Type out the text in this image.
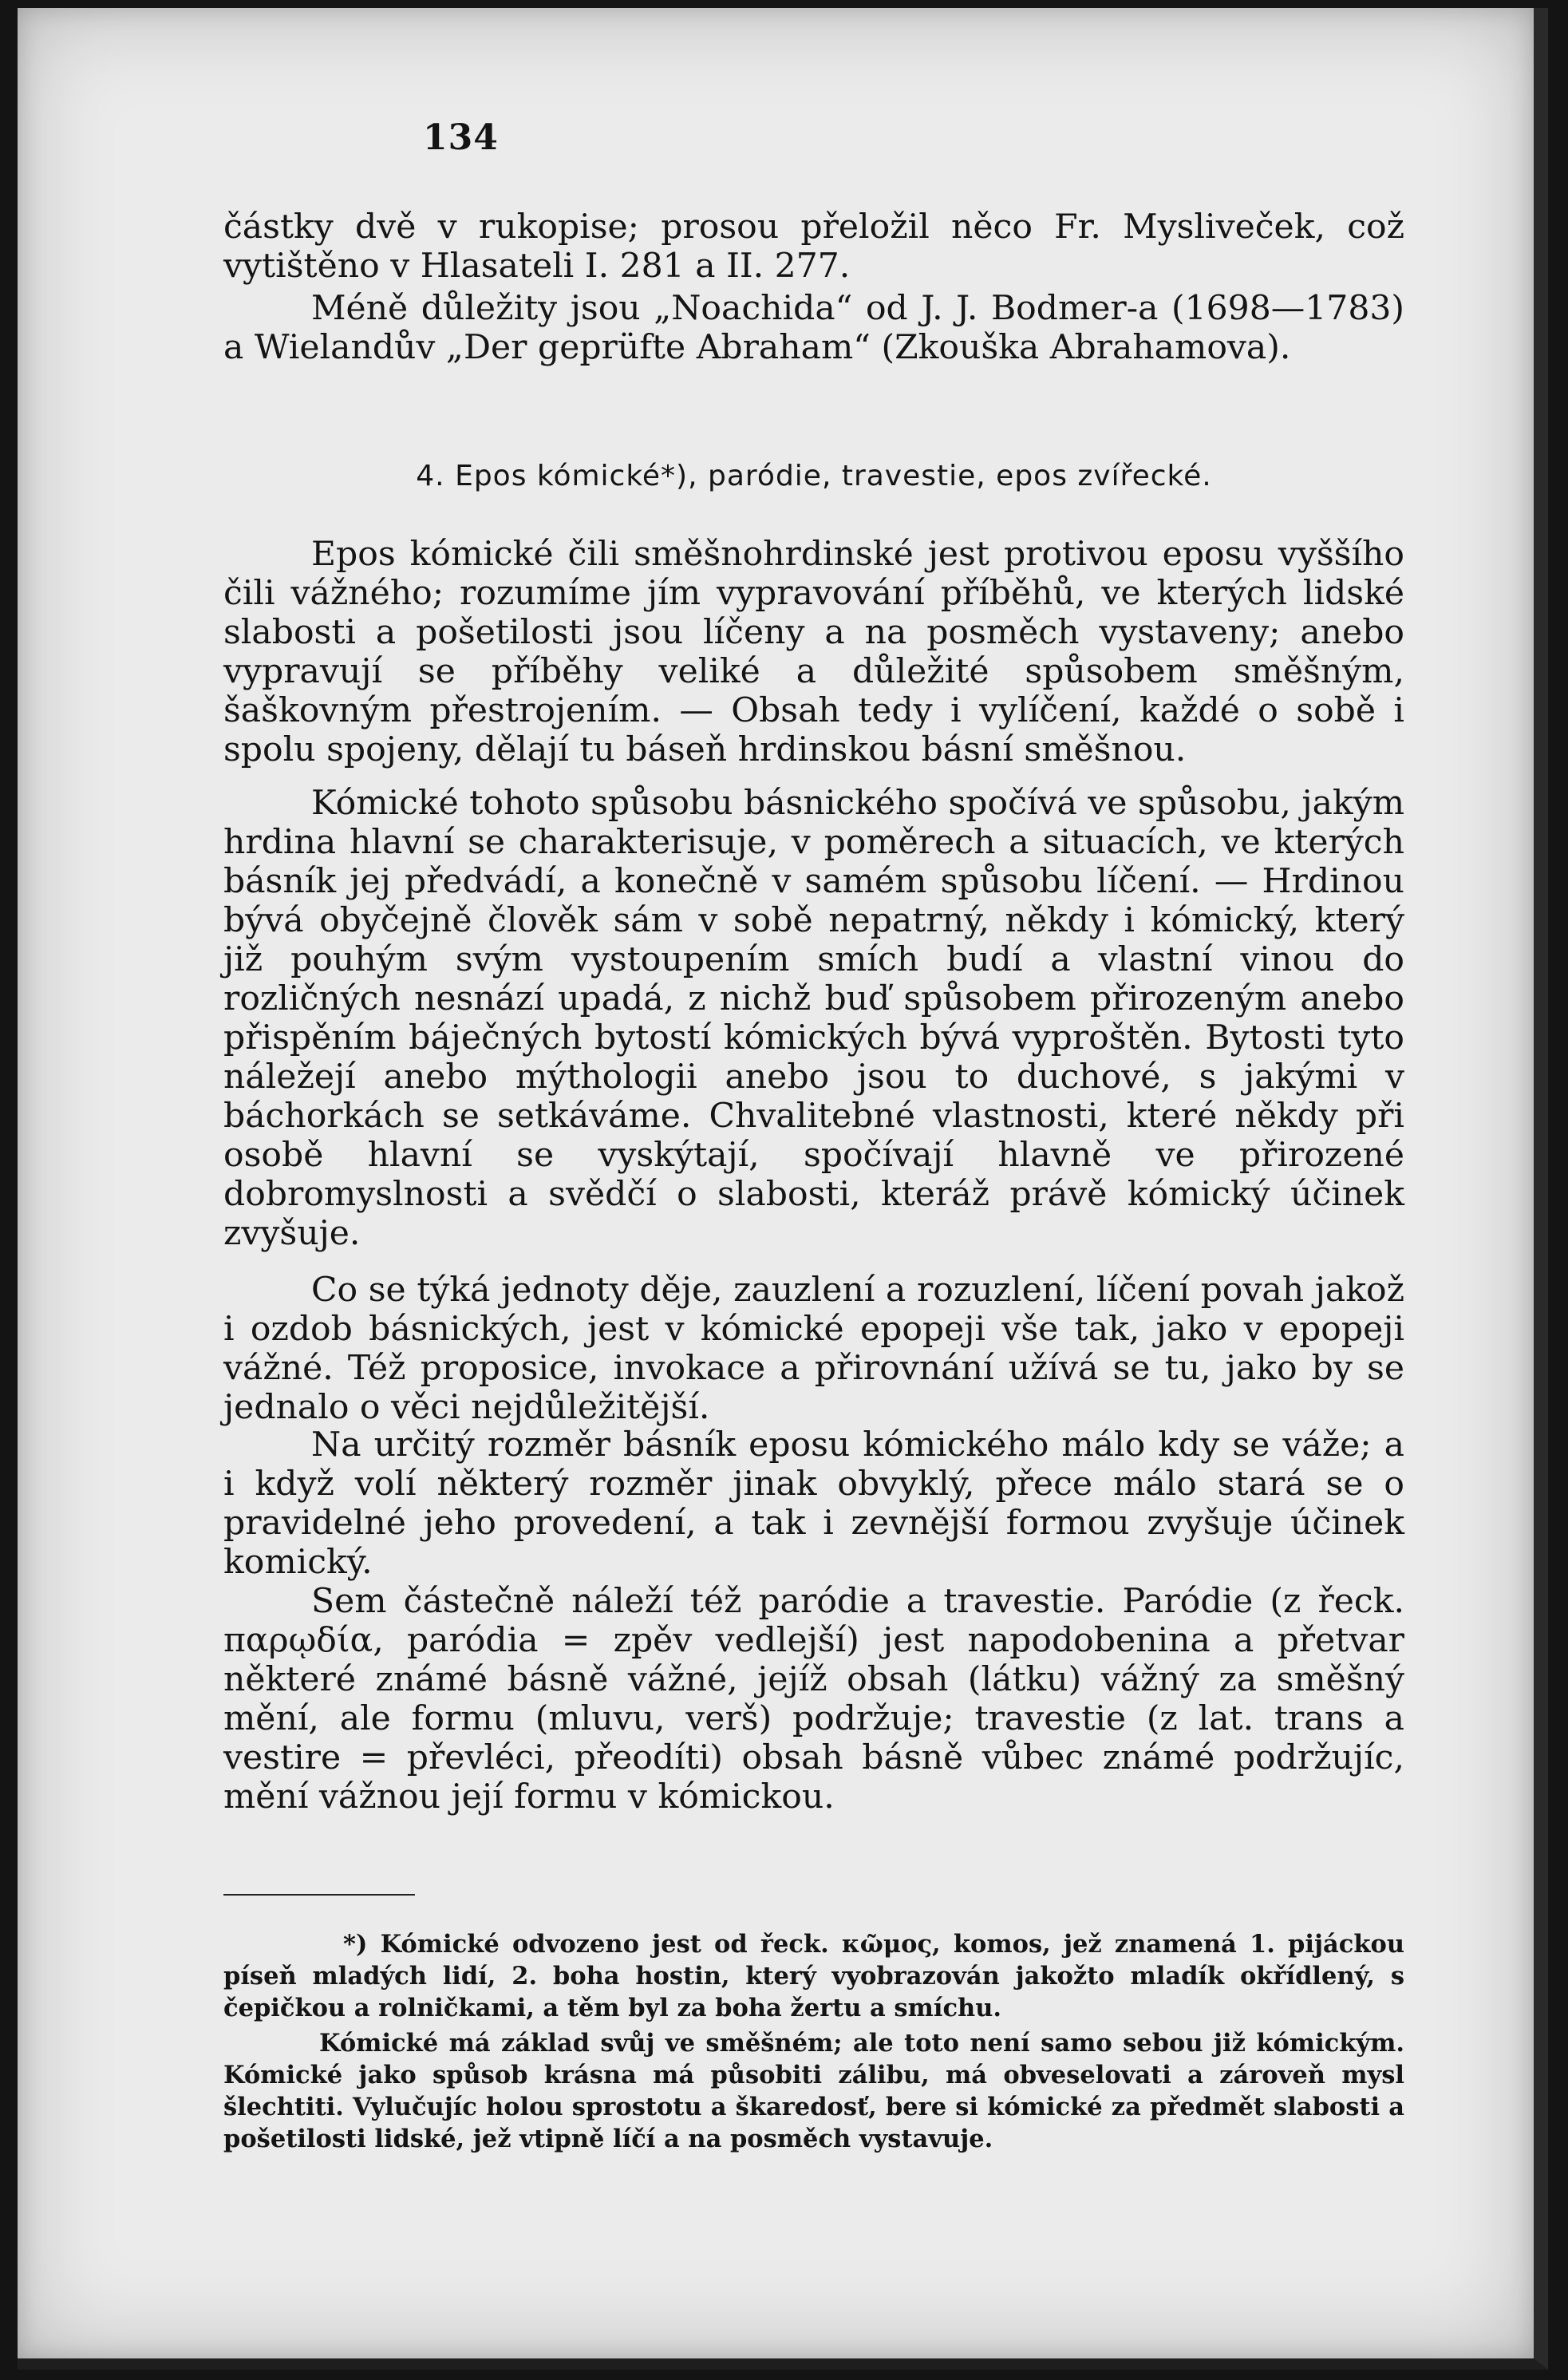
134

částky dvě v rukopise; prosou přeložil něco Fr. Mysliveček, což vytištěno v Hlasateli I. 281 a II. 277.

Méně důležity jsou „Noachida“ od J. J. Bodmer-a (1698—1783) a Wielandův „Der geprüfte Abraham“ (Zkouška Abrahamova).

4. Epos kómické*), paródie, travestie, epos zvířecké.

Epos kómické čili směšnohrdinské jest protivou eposu vyššího čili vážného; rozumíme jím vypravování příběhů, ve kterých lidské slabosti a pošetilosti jsou líčeny a na posměch vystaveny; anebo vypravují se příběhy veliké a důležité spůsobem směšným, šaškovným přestrojením. — Obsah tedy i vylíčení, každé o sobě i spolu spojeny, dělají tu báseň hrdinskou básní směšnou.

Kómické tohoto spůsobu básnického spočívá ve spůsobu, jakým hrdina hlavní se charakterisuje, v poměrech a situacích, ve kterých básník jej předvádí, a konečně v samém spůsobu líčení. — Hrdinou bývá obyčejně člověk sám v sobě nepatrný, někdy i kómický, který již pouhým svým vystoupením smích budí a vlastní vinou do rozličných nesnází upadá, z nichž buď spůsobem přirozeným anebo přispěním báječných bytostí kómických bývá vyproštěn. Bytosti tyto náležejí anebo mýthologii anebo jsou to duchové, s jakými v báchorkách se setkáváme. Chvalitebné vlastnosti, které někdy při osobě hlavní se vyskýtají, spočívají hlavně ve přirozené dobromyslnosti a svědčí o slabosti, kteráž právě kómický účinek zvyšuje.

Co se týká jednoty děje, zauzlení a rozuzlení, líčení povah jakož i ozdob básnických, jest v kómické epopeji vše tak, jako v epopeji vážné. Též proposice, invokace a přirovnání užívá se tu, jako by se jednalo o věci nejdůležitější.

Na určitý rozměr básník eposu kómického málo kdy se váže; a i když volí některý rozměr jinak obvyklý, přece málo stará se o pravidelné jeho provedení, a tak i zevnější formou zvyšuje účinek komický.

Sem částečně náleží též paródie a travestie. Paródie (z řeck. παρῳδία, paródia = zpěv vedlejší) jest napodobenina a přetvar některé známé básně vážné, jejíž obsah (látku) vážný za směšný mění, ale formu (mluvu, verš) podržuje; travestie (z lat. trans a vestire = převléci, přeodíti) obsah básně vůbec známé podržujíc, mění vážnou její formu v kómickou.

*) Kómické odvozeno jest od řeck. κῶμος, komos, jež znamená 1. pijáckou píseň mladých lidí, 2. boha hostin, který vyobrazován jakožto mladík okřídlený, s čepičkou a rolničkami, a těm byl za boha žertu a smíchu.

Kómické má základ svůj ve směšném; ale toto není samo sebou již kómickým. Kómické jako spůsob krásna má působiti zálibu, má obveselovati a zároveň mysl šlechtiti. Vylučujíc holou sprostotu a škaredosť, bere si kómické za předmět slabosti a pošetilosti lidské, jež vtipně líčí a na posměch vystavuje.
